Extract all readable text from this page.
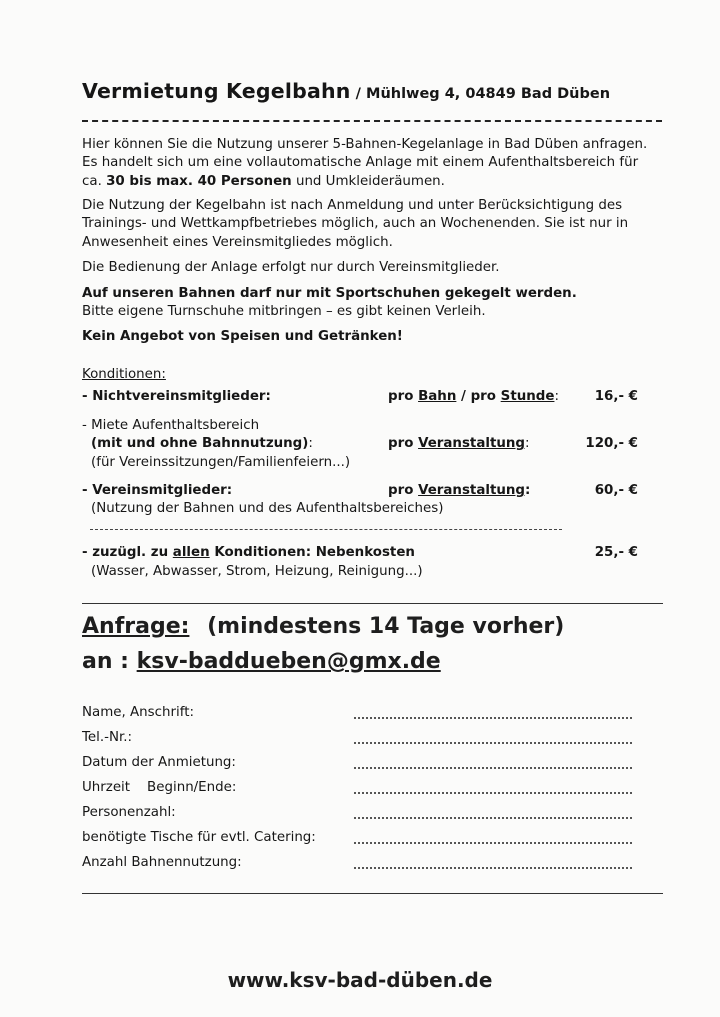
Vermietung Kegelbahn / Mühlweg 4, 04849 Bad Düben

Hier können Sie die Nutzung unserer 5-Bahnen-Kegelanlage in Bad Düben anfragen. Es handelt sich um eine vollautomatische Anlage mit einem Aufenthaltsbereich für ca. 30 bis max. 40 Personen und Umkleideräumen.

Die Nutzung der Kegelbahn ist nach Anmeldung und unter Berücksichtigung des Trainings- und Wettkampfbetriebes möglich, auch an Wochenenden. Sie ist nur in Anwesenheit eines Vereinsmitgliedes möglich.

Die Bedienung der Anlage erfolgt nur durch Vereinsmitglieder.

Auf unseren Bahnen darf nur mit Sportschuhen gekegelt werden.
Bitte eigene Turnschuhe mitbringen – es gibt keinen Verleih.

Kein Angebot von Speisen und Getränken!

Konditionen:
- Nichtvereinsmitglieder:	pro Bahn / pro Stunde:	16,- €
- Miete Aufenthaltsbereich
(mit und ohne Bahnnutzung):	pro Veranstaltung:	120,- €
(für Vereinssitzungen/Familienfeiern...)
- Vereinsmitglieder:	pro Veranstaltung:	60,- €
(Nutzung der Bahnen und des Aufenthaltsbereiches)
- zuzügl. zu allen Konditionen: Nebenkosten	25,- €
(Wasser, Abwasser, Strom, Heizung, Reinigung...)
Anfrage: (mindestens 14 Tage vorher)
an : ksv-baddueben@gmx.de
Name, Anschrift:
Tel.-Nr.:
Datum der Anmietung:
Uhrzeit    Beginn/Ende:
Personenzahl:
benötigte Tische für evtl. Catering:
Anzahl Bahnennutzung:
www.ksv-bad-düben.de
